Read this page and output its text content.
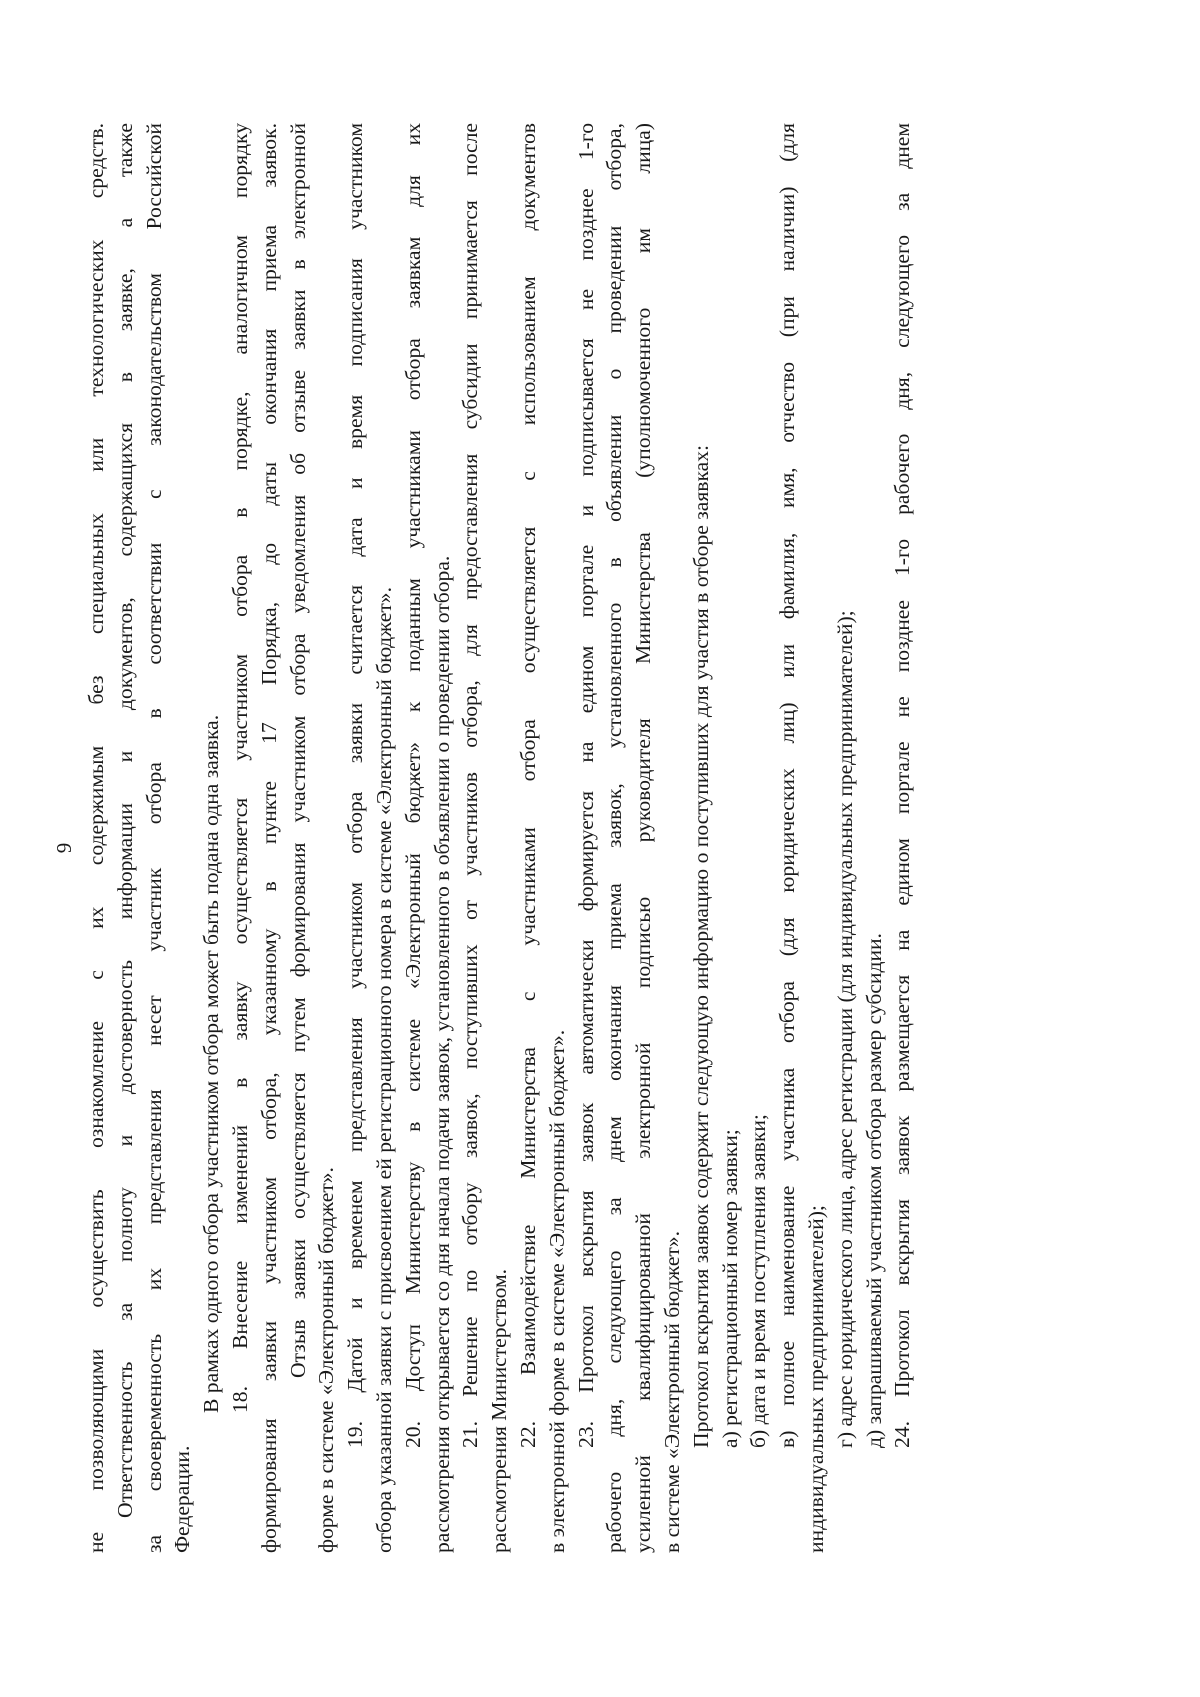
9 не позволяющими осуществить ознакомление с их содержимым без специальных или технологических средств. Ответственность за полноту и достоверность информации и документов, содержащихся в заявке, а также за своевременность их представления несет участник отбора в соответствии с законодательством Российской Федерации.
В рамках одного отбора участником отбора может быть подана одна заявка. 18. Внесение изменений в заявку осуществляется участником отбора в порядке, аналогичном порядку формирования заявки участником отбора, указанному в пункте 17 Порядка, до даты окончания приема заявок. Отзыв заявки осуществляется путем формирования участником отбора уведомления об отзыве заявки в электронной форме в системе «Электронный бюджет». 19. Датой и временем представления участником отбора заявки считается дата и время подписания участником отбора указанной заявки с присвоением ей регистрационного номера в системе «Электронный бюджет». 20. Доступ Министерству в системе «Электронный бюджет» к поданным участниками отбора заявкам для их рассмотрения открывается со дня начала подачи заявок, установленного в объявлении о проведении отбора. 21. Решение по отбору заявок, поступивших от участников отбора, для предоставления субсидии принимается после рассмотрения Министерством. 22. Взаимодействие Министерства с участниками отбора осуществляется с использованием документов в электронной форме в системе «Электронный бюджет». 23. Протокол вскрытия заявок автоматически формируется на едином портале и подписывается не позднее 1-го рабочего дня, следующего за днем окончания приема заявок, установленного в объявлении о проведении отбора, усиленной квалифицированной электронной подписью руководителя Министерства (уполномоченного им лица) в системе «Электронный бюджет». Протокол вскрытия заявок содержит следующую информацию о поступивших для участия в отборе заявках: а) регистрационный номер заявки; б) дата и время поступления заявки; в) полное наименование участника отбора (для юридических лиц) или фамилия, имя, отчество (при наличии) (для индивидуальных предпринимателей); г) адрес юридического лица, адрес регистрации (для индивидуальных предпринимателей); д) запрашиваемый участником отбора размер субсидии. 24. Протокол вскрытия заявок размещается на едином портале не позднее 1-го рабочего дня, следующего за днем
